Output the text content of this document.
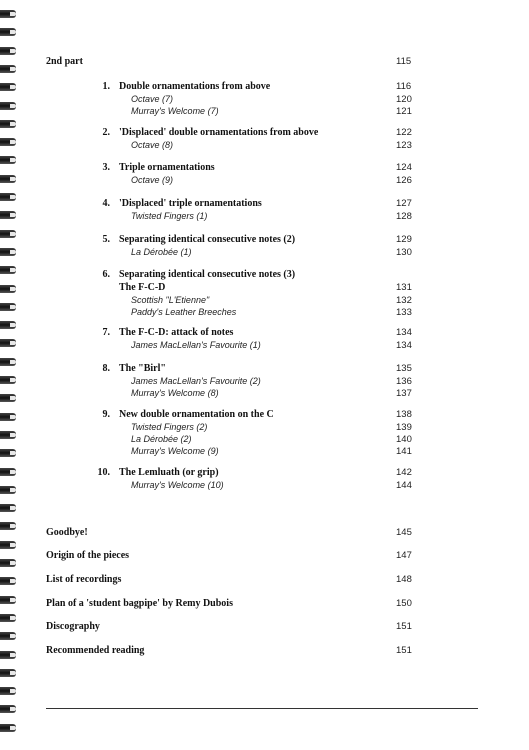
2nd part	115
1. Double ornamentations from above	116
Octave (7)	120
Murray's Welcome (7)	121
2. 'Displaced' double ornamentations from above	122
Octave (8)	123
3. Triple ornamentations	124
Octave (9)	126
4. 'Displaced' triple ornamentations	127
Twisted Fingers (1)	128
5. Separating identical consecutive notes (2)	129
La Dérobée (1)	130
6. Separating identical consecutive notes (3)
The F-C-D	131
Scottish "L'Etienne"	132
Paddy's Leather Breeches	133
7. The F-C-D: attack of notes	134
James MacLellan's Favourite (1)	134
8. The "Birl"	135
James MacLellan's Favourite (2)	136
Murray's Welcome (8)	137
9. New double ornamentation on the C	138
Twisted Fingers (2)	139
La Dérobée (2)	140
Murray's Welcome (9)	141
10. The Lemluath (or grip)	142
Murray's Welcome (10)	144
Goodbye!	145
Origin of the pieces	147
List of recordings	148
Plan of a 'student bagpipe' by Remy Dubois	150
Discography	151
Recommended reading	151
